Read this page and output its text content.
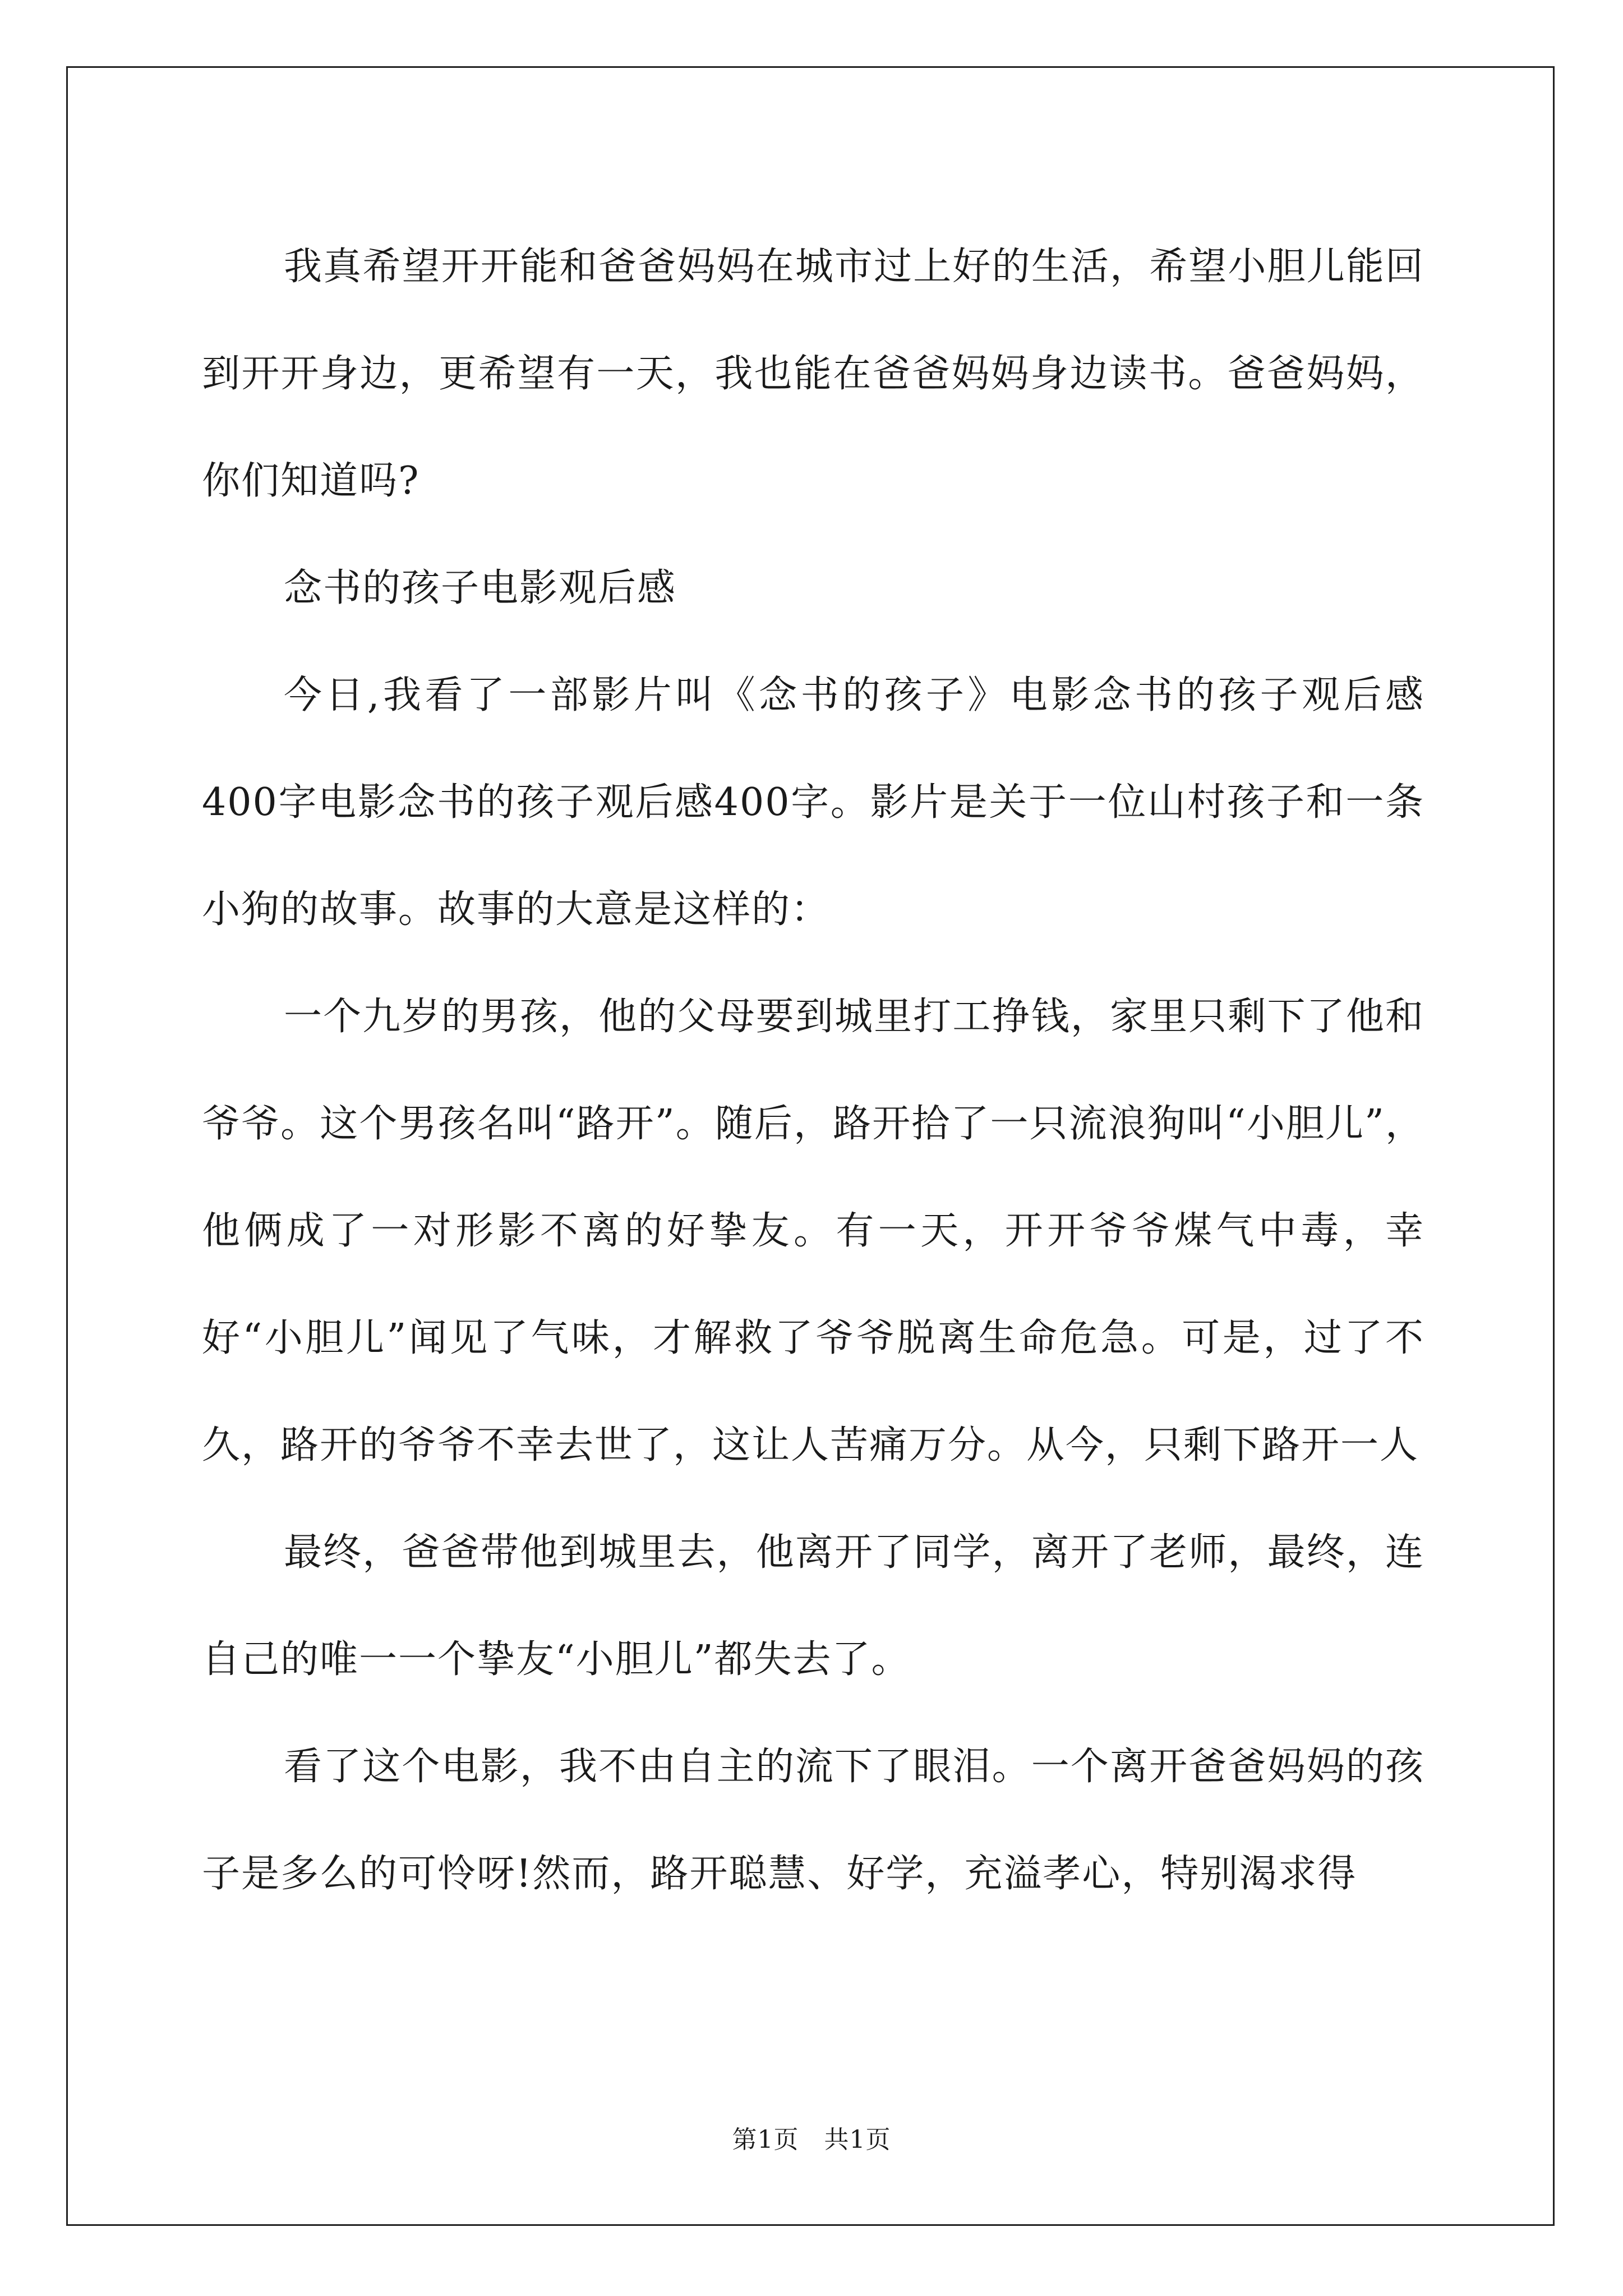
我真希望开开能和爸爸妈妈在城市过上好的生活，希望小胆儿能回到开开身边，更希望有一天，我也能在爸爸妈妈身边读书。爸爸妈妈，你们知道吗?

念书的孩子电影观后感

今日,我看了一部影片叫《念书的孩子》电影念书的孩子观后感400字电影念书的孩子观后感400字。影片是关于一位山村孩子和一条小狗的故事。故事的大意是这样的：

一个九岁的男孩，他的父母要到城里打工挣钱，家里只剩下了他和爷爷。这个男孩名叫“路开”。随后，路开拾了一只流浪狗叫“小胆儿”，他俩成了一对形影不离的好挚友。有一天，开开爷爷煤气中毒，幸好“小胆儿”闻见了气味，才解救了爷爷脱离生命危急。可是，过了不久，路开的爷爷不幸去世了，这让人苦痛万分。从今，只剩下路开一人

最终，爸爸带他到城里去，他离开了同学，离开了老师，最终，连自己的唯一一个挚友“小胆儿”都失去了。

看了这个电影，我不由自主的流下了眼泪。一个离开爸爸妈妈的孩子是多么的可怜呀!然而，路开聪慧、好学，充溢孝心，特别渴求得

第1页   共1页
